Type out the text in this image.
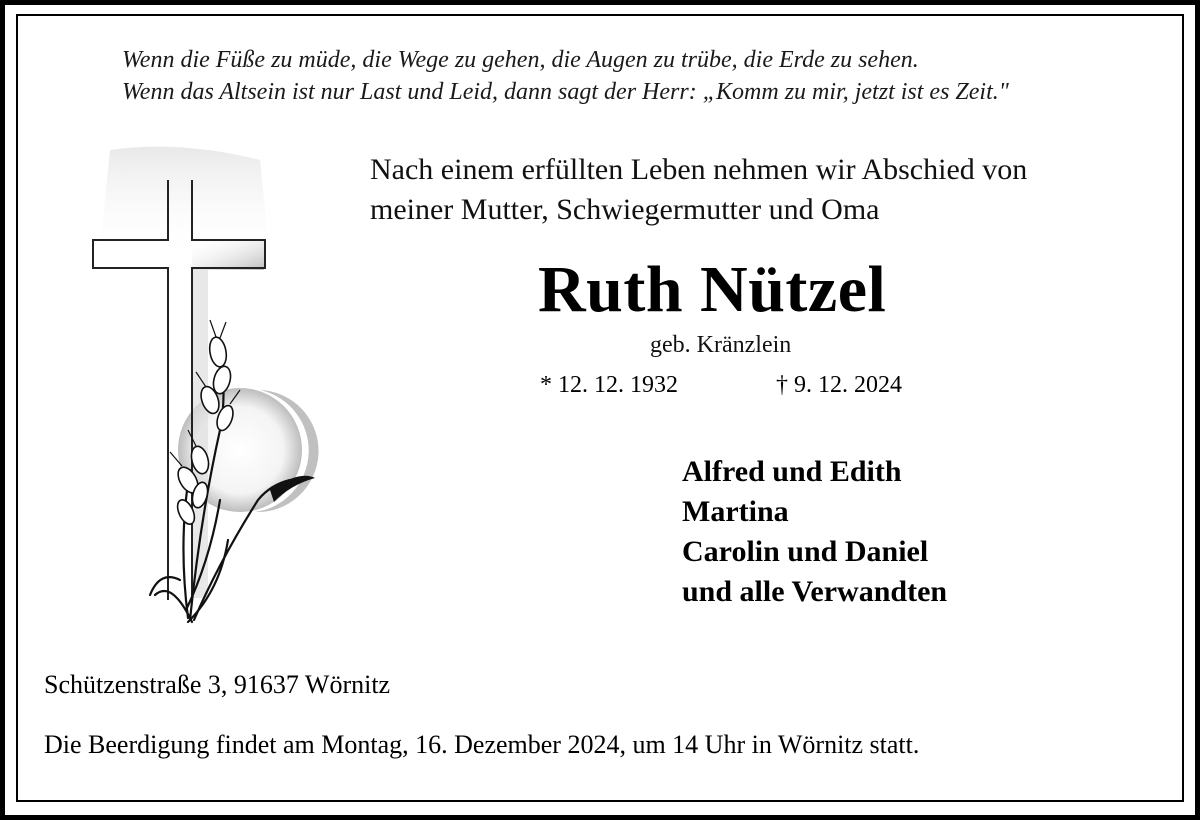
Wenn die Füße zu müde, die Wege zu gehen, die Augen zu trübe, die Erde zu sehen.
Wenn das Altsein ist nur Last und Leid, dann sagt der Herr: „Komm zu mir, jetzt ist es Zeit."
Nach einem erfüllten Leben nehmen wir Abschied von
meiner Mutter, Schwiegermutter und Oma
Ruth Nützel
geb. Kränzlein
* 12. 12. 1932	† 9. 12. 2024
Alfred und Edith
Martina
Carolin und Daniel
und alle Verwandten
Schützenstraße 3, 91637 Wörnitz
Die Beerdigung findet am Montag, 16. Dezember 2024, um 14 Uhr in Wörnitz statt.
